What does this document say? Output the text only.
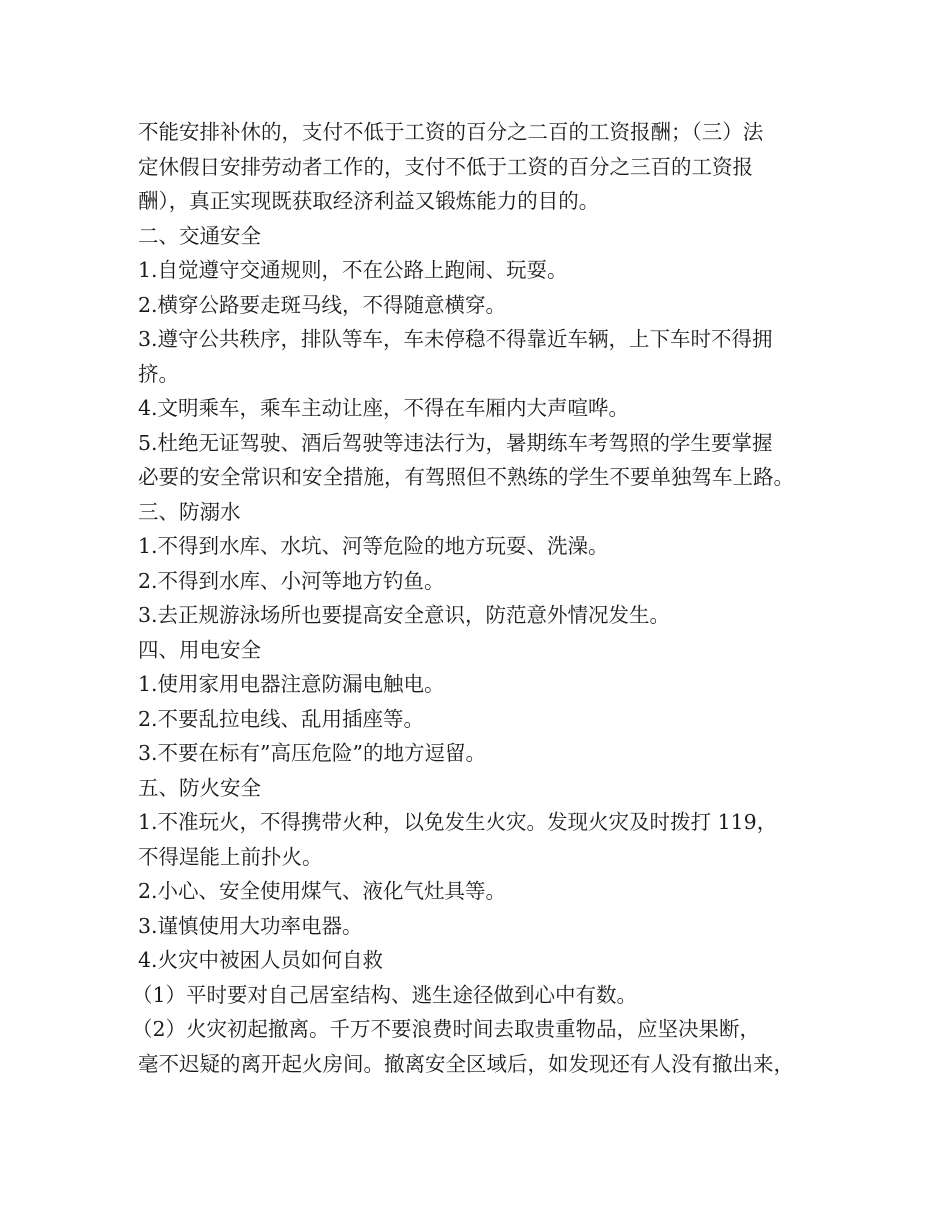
不能安排补休的，支付不低于工资的百分之二百的工资报酬；（三）法
定休假日安排劳动者工作的，支付不低于工资的百分之三百的工资报
酬），真正实现既获取经济利益又锻炼能力的目的。
二、交通安全
1.自觉遵守交通规则，不在公路上跑闹、玩耍。
2.横穿公路要走斑马线，不得随意横穿。
3.遵守公共秩序，排队等车，车未停稳不得靠近车辆，上下车时不得拥
挤。
4.文明乘车，乘车主动让座，不得在车厢内大声喧哗。
5.杜绝无证驾驶、酒后驾驶等违法行为，暑期练车考驾照的学生要掌握
必要的安全常识和安全措施，有驾照但不熟练的学生不要单独驾车上路。
三、防溺水
1.不得到水库、水坑、河等危险的地方玩耍、洗澡。
2.不得到水库、小河等地方钓鱼。
3.去正规游泳场所也要提高安全意识，防范意外情况发生。
四、用电安全
1.使用家用电器注意防漏电触电。
2.不要乱拉电线、乱用插座等。
3.不要在标有”高压危险”的地方逗留。
五、防火安全
1.不准玩火，不得携带火种，以免发生火灾。发现火灾及时拨打 119，
不得逞能上前扑火。
2.小心、安全使用煤气、液化气灶具等。
3.谨慎使用大功率电器。
4.火灾中被困人员如何自救
（1）平时要对自己居室结构、逃生途径做到心中有数。
（2）火灾初起撤离。千万不要浪费时间去取贵重物品，应坚决果断，
毫不迟疑的离开起火房间。撤离安全区域后，如发现还有人没有撤出来，
